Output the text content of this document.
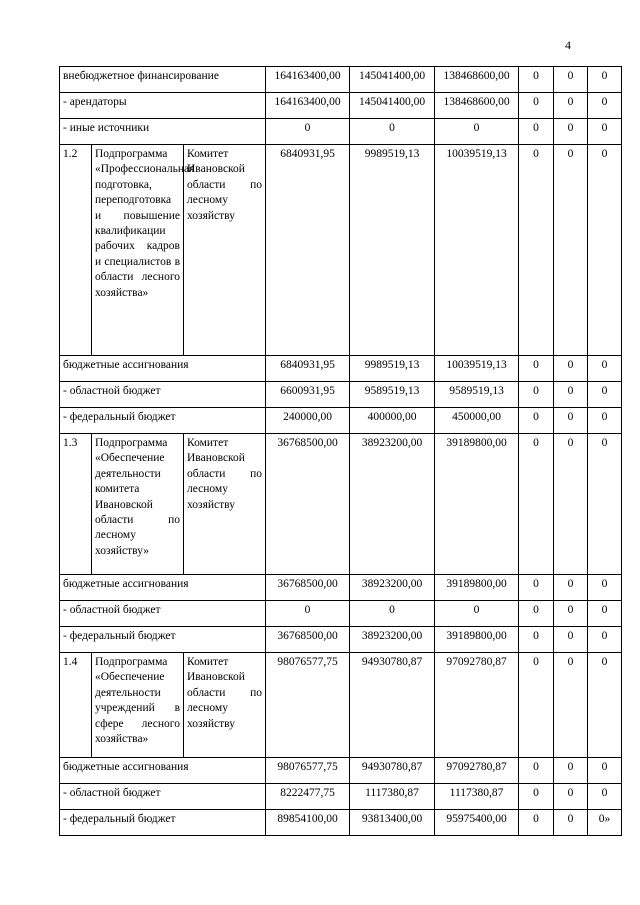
4
внебюджетное финансирование			164163400,00	145041400,00	138468600,00	0	0	0
- арендаторы			164163400,00	145041400,00	138468600,00	0	0	0
- иные источники			0	0	0	0	0	0
1.2	Подпрограмма «Профессиональная подготовка, переподготовка и повышение квалификации рабочих кадров и специалистов в области лесного хозяйства»	Комитет Ивановской области по лесному хозяйству	6840931,95	9989519,13	10039519,13	0	0	0
бюджетные ассигнования			6840931,95	9989519,13	10039519,13	0	0	0
- областной бюджет			6600931,95	9589519,13	9589519,13	0	0	0
- федеральный бюджет			240000,00	400000,00	450000,00	0	0	0
1.3	Подпрограмма «Обеспечение деятельности комитета Ивановской области по лесному хозяйству»	Комитет Ивановской области по лесному хозяйству	36768500,00	38923200,00	39189800,00	0	0	0
бюджетные ассигнования			36768500,00	38923200,00	39189800,00	0	0	0
- областной бюджет			0	0	0	0	0	0
- федеральный бюджет			36768500,00	38923200,00	39189800,00	0	0	0
1.4	Подпрограмма «Обеспечение деятельности учреждений в сфере лесного хозяйства»	Комитет Ивановской области по лесному хозяйству	98076577,75	94930780,87	97092780,87	0	0	0
бюджетные ассигнования			98076577,75	94930780,87	97092780,87	0	0	0
- областной бюджет			8222477,75	1117380,87	1117380,87	0	0	0
- федеральный бюджет			89854100,00	93813400,00	95975400,00	0	0	0»
